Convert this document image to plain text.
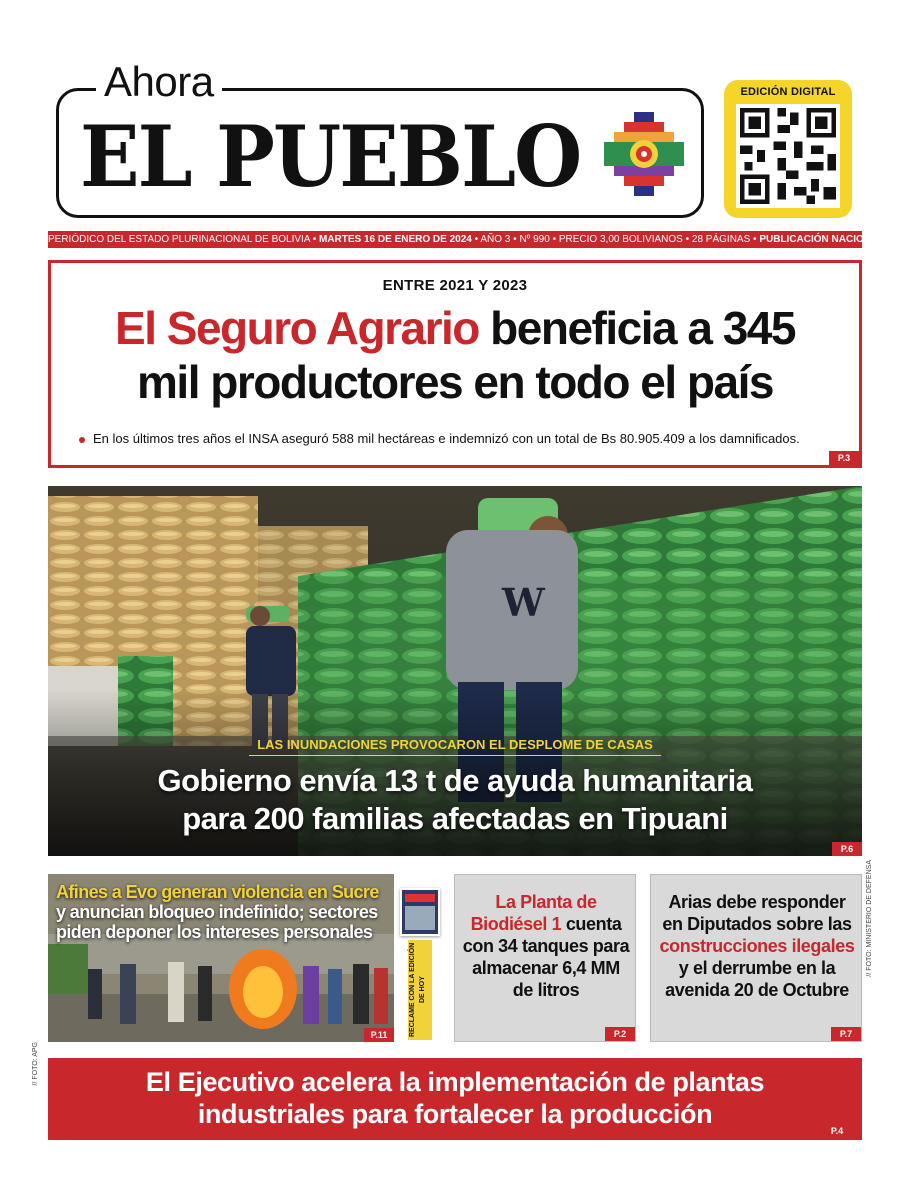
Ahora
EL PUEBLO
EDICIÓN DIGITAL
PERIÓDICO DEL ESTADO PLURINACIONAL DE BOLIVIA • MARTES 16 DE ENERO DE 2024 • AÑO 3 • Nº 990 • PRECIO 3,00 BOLIVIANOS • 28 PÁGINAS • PUBLICACIÓN NACIONAL
ENTRE 2021 Y 2023
El Seguro Agrario beneficia a 345
mil productores en todo el país
En los últimos tres años el INSA aseguró 588 mil hectáreas e indemnizó con un total de Bs 80.905.409 a los damnificados.
P.3
LAS INUNDACIONES PROVOCARON EL DESPLOME DE CASAS
Gobierno envía 13 t de ayuda humanitaria
para 200 familias afectadas en Tipuani
P.6
// FOTO: MINISTERIO DE DEFENSA
Afines a Evo generan violencia en Sucre y anuncian bloqueo indefinido; sectores piden deponer los intereses personales
P.11
// FOTO: APG
RECLAME CON LA EDICIÓN DE HOY
La Planta de Biodiésel 1 cuenta con 34 tanques para almacenar 6,4 MM de litros
P.2
Arias debe responder en Diputados sobre las construcciones ilegales y el derrumbe en la avenida 20 de Octubre
P.7
El Ejecutivo acelera la implementación de plantas
industriales para fortalecer la producción
P.4
